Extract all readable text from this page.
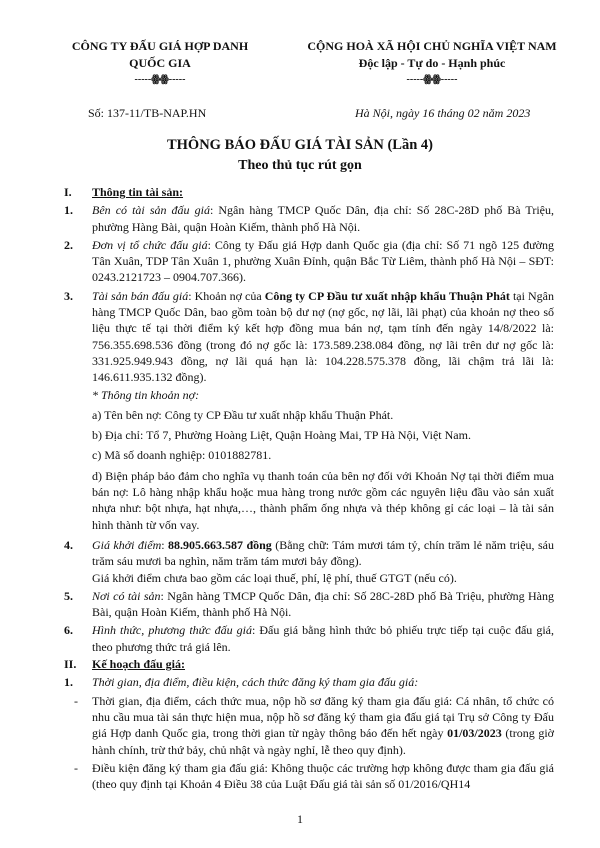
CÔNG TY ĐẤU GIÁ HỢP DANH
QUỐC GIA
-----ꙮꙮ-----
CỘNG HOÀ XÃ HỘI CHỦ NGHĨA VIỆT NAM
Độc lập - Tự do - Hạnh phúc
-----ꙮꙮ-----
Số: 137-11/TB-NAP.HN	Hà Nội, ngày 16 tháng 02 năm 2023
THÔNG BÁO ĐẤU GIÁ TÀI SẢN (Lần 4)
Theo thủ tục rút gọn
I. Thông tin tài sản:
1. Bên có tài sản đấu giá: Ngân hàng TMCP Quốc Dân, địa chỉ: Số 28C-28D phố Bà Triệu, phường Hàng Bài, quận Hoàn Kiếm, thành phố Hà Nội.
2. Đơn vị tổ chức đấu giá: Công ty Đấu giá Hợp danh Quốc gia (địa chỉ: Số 71 ngõ 125 đường Tân Xuân, TDP Tân Xuân 1, phường Xuân Đỉnh, quận Bắc Từ Liêm, thành phố Hà Nội – SĐT: 0243.2121723 – 0904.707.366).
3. Tài sản bán đấu giá: Khoản nợ của Công ty CP Đầu tư xuất nhập khẩu Thuận Phát tại Ngân hàng TMCP Quốc Dân, bao gồm toàn bộ dư nợ (nợ gốc, nợ lãi, lãi phạt) của khoản nợ theo số liệu thực tế tại thời điểm ký kết hợp đồng mua bán nợ, tạm tính đến ngày 14/8/2022 là: 756.355.698.536 đồng (trong đó nợ gốc là: 173.589.238.084 đồng, nợ lãi trên dư nợ gốc là: 331.925.949.943 đồng, nợ lãi quá hạn là: 104.228.575.378 đồng, lãi chậm trả lãi là: 146.611.935.132 đồng).
* Thông tin khoản nợ:
a) Tên bên nợ: Công ty CP Đầu tư xuất nhập khẩu Thuận Phát.
b) Địa chỉ: Tổ 7, Phường Hoàng Liệt, Quận Hoàng Mai, TP Hà Nội, Việt Nam.
c) Mã số doanh nghiệp: 0101882781.
d) Biện pháp bảo đảm cho nghĩa vụ thanh toán của bên nợ đối với Khoản Nợ tại thời điểm mua bán nợ: Lô hàng nhập khẩu hoặc mua hàng trong nước gồm các nguyên liệu đầu vào sản xuất nhựa như: bột nhựa, hạt nhựa,…, thành phẩm ống nhựa và thép không gỉ các loại – là tài sản hình thành từ vốn vay.
4. Giá khởi điểm: 88.905.663.587 đồng (Bằng chữ: Tám mươi tám tỷ, chín trăm lẻ năm triệu, sáu trăm sáu mươi ba nghìn, năm trăm tám mươi bảy đồng).
Giá khởi điểm chưa bao gồm các loại thuế, phí, lệ phí, thuế GTGT (nếu có).
5. Nơi có tài sản: Ngân hàng TMCP Quốc Dân, địa chỉ: Số 28C-28D phố Bà Triệu, phường Hàng Bài, quận Hoàn Kiếm, thành phố Hà Nội.
6. Hình thức, phương thức đấu giá: Đấu giá bằng hình thức bỏ phiếu trực tiếp tại cuộc đấu giá, theo phương thức trả giá lên.
II. Kế hoạch đấu giá:
1. Thời gian, địa điểm, điều kiện, cách thức đăng ký tham gia đấu giá:
- Thời gian, địa điểm, cách thức mua, nộp hồ sơ đăng ký tham gia đấu giá: Cá nhân, tổ chức có nhu cầu mua tài sản thực hiện mua, nộp hồ sơ đăng ký tham gia đấu giá tại Trụ sở Công ty Đấu giá Hợp danh Quốc gia, trong thời gian từ ngày thông báo đến hết ngày 01/03/2023 (trong giờ hành chính, trừ thứ bảy, chủ nhật và ngày nghỉ, lễ theo quy định).
- Điều kiện đăng ký tham gia đấu giá: Không thuộc các trường hợp không được tham gia đấu giá (theo quy định tại Khoản 4 Điều 38 của Luật Đấu giá tài sản số 01/2016/QH14
1
